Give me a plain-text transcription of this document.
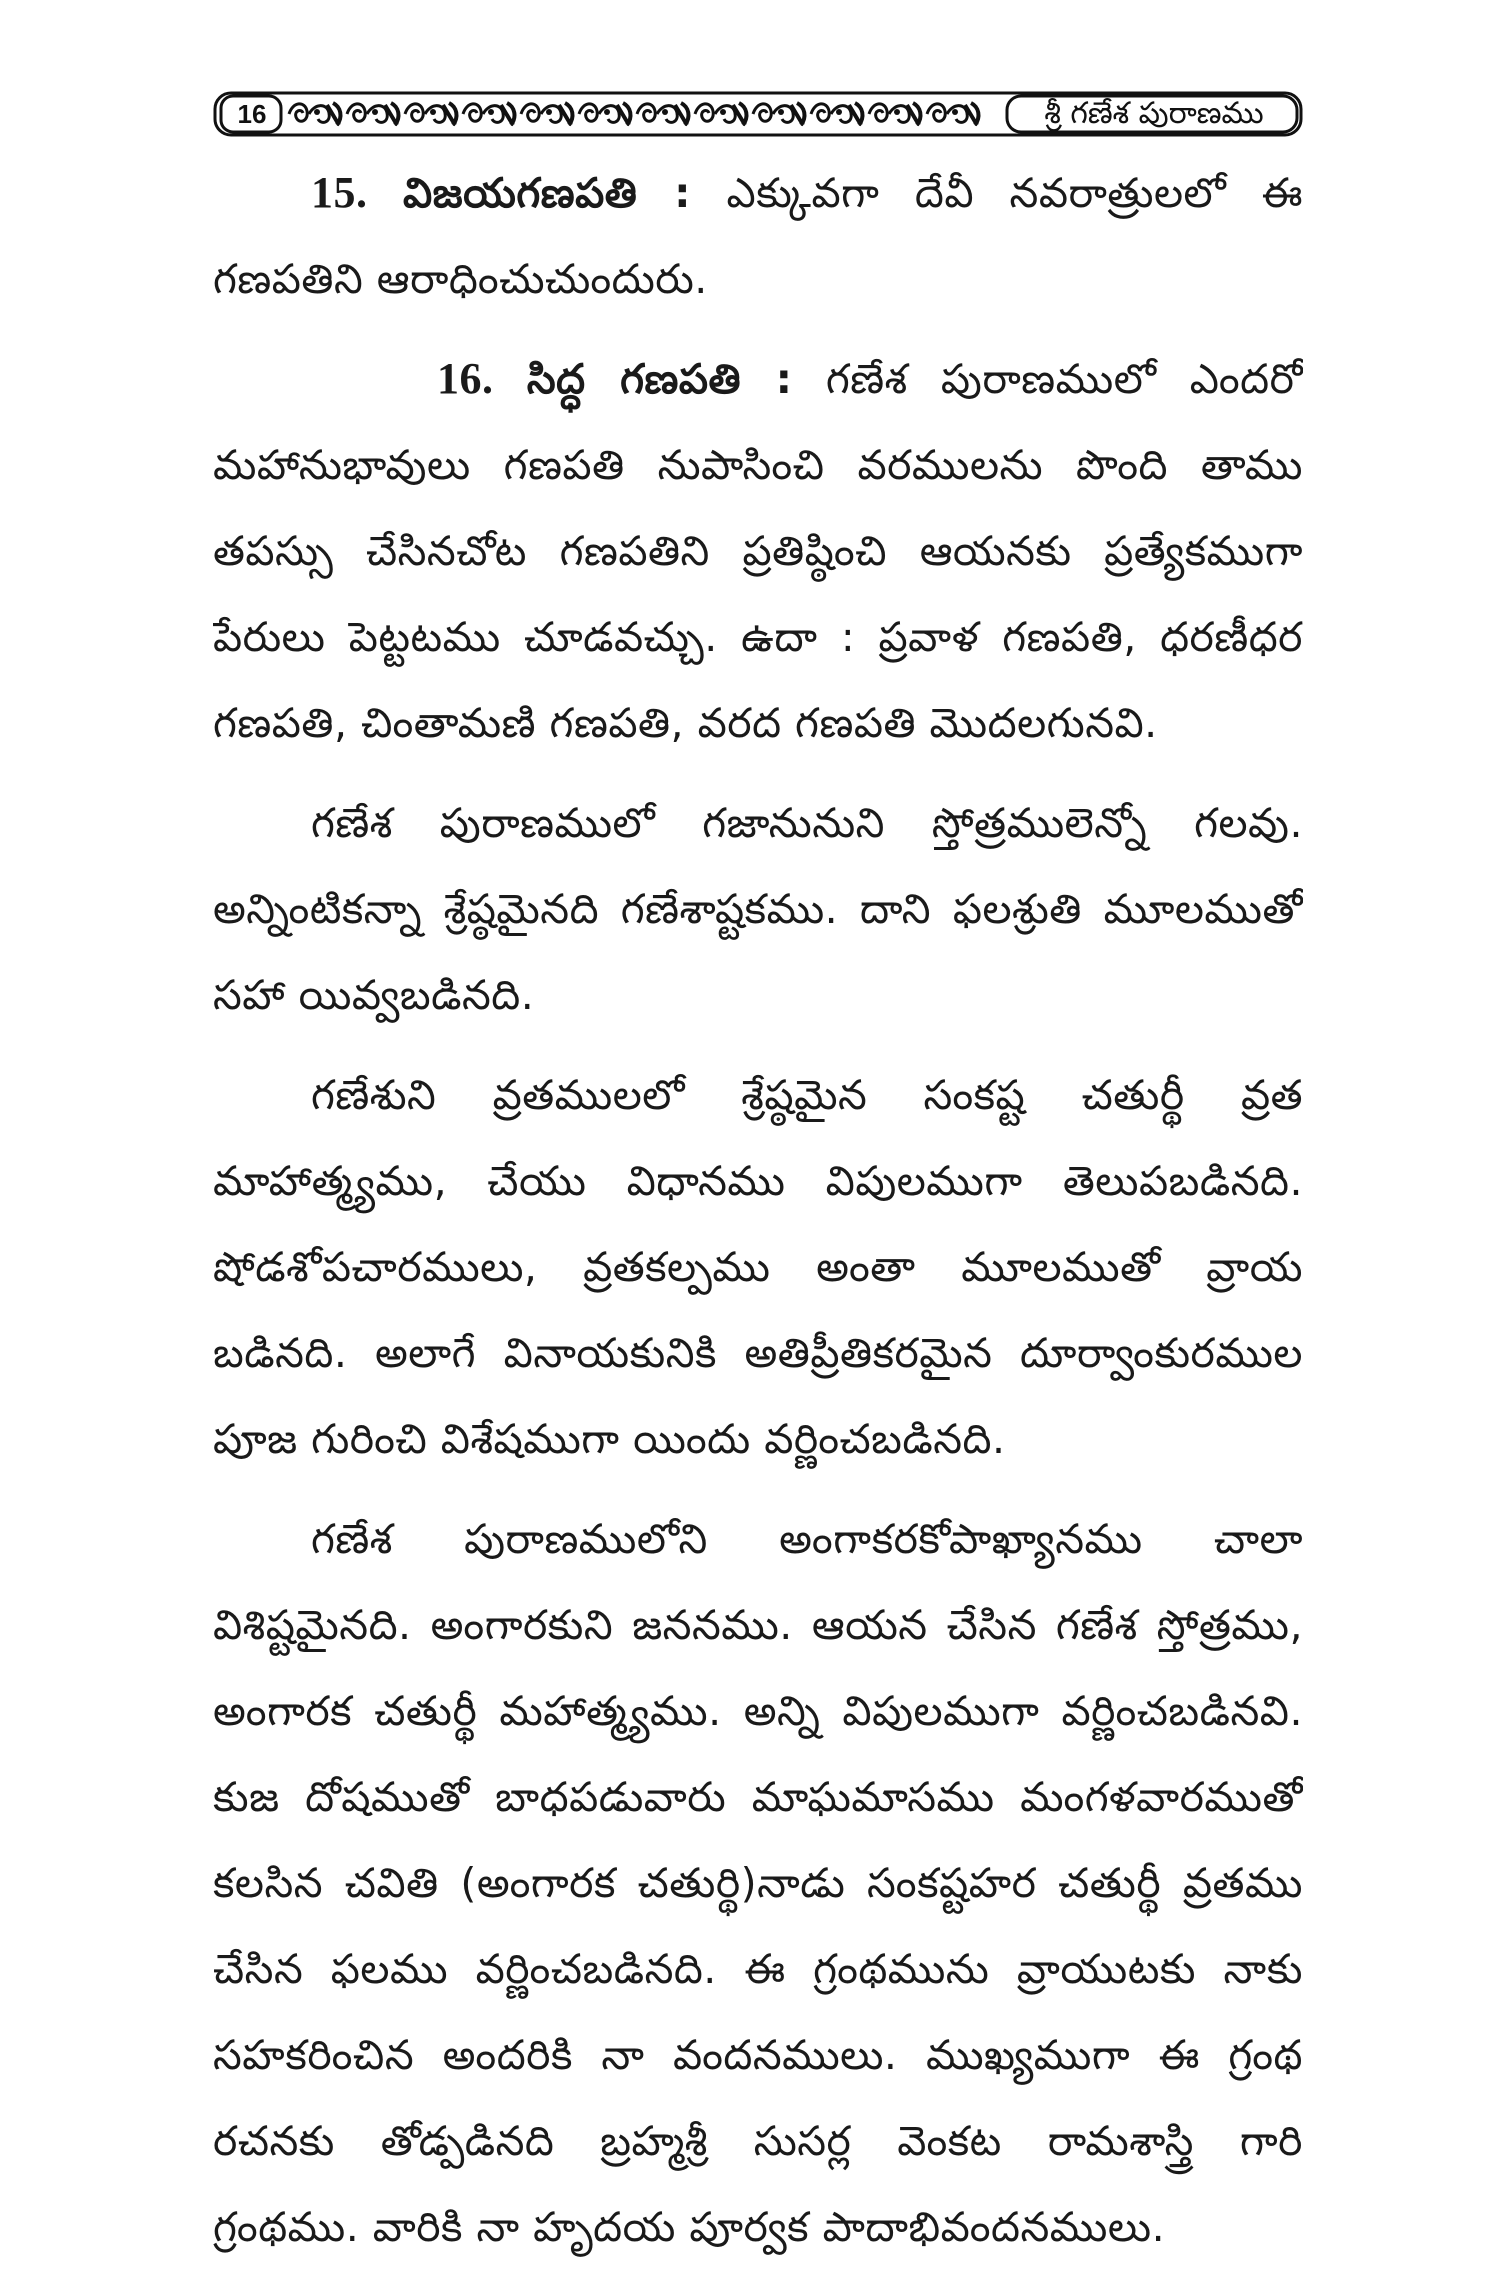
16	శ్రీ గణేశ పురాణము
15. విజయగణపతి : ఎక్కువగా దేవీ నవరాత్రులలో ఈ
గణపతిని ఆరాధించుచుందురు.
16. సిద్ధ గణపతి : గణేశ పురాణములో ఎందరో
మహానుభావులు గణపతి నుపాసించి వరములను పొంది తాము
తపస్సు చేసినచోట గణపతిని ప్రతిష్ఠించి ఆయనకు ప్రత్యేకముగా
పేరులు పెట్టటము చూడవచ్చు. ఉదా : ప్రవాళ గణపతి, ధరణీధర
గణపతి, చింతామణి గణపతి, వరద గణపతి మొదలగునవి.
గణేశ పురాణములో గజానునుని స్తోత్రములెన్నో గలవు.
అన్నింటికన్నా శ్రేష్ఠమైనది గణేశాష్టకము. దాని ఫలశ్రుతి మూలముతో
సహా యివ్వబడినది.
గణేశుని వ్రతములలో శ్రేష్ఠమైన సంకష్ట చతుర్థీ వ్రత
మాహాత్మ్యము, చేయు విధానము విపులముగా తెలుపబడినది.
షోడశోపచారములు, వ్రతకల్పము అంతా మూలముతో వ్రాయ
బడినది. అలాగే వినాయకునికి అతిప్రీతికరమైన దూర్వాంకురముల
పూజ గురించి విశేషముగా యిందు వర్ణించబడినది.
గణేశ పురాణములోని అంగాకరకోపాఖ్యానము చాలా
విశిష్టమైనది. అంగారకుని జననము. ఆయన చేసిన గణేశ స్తోత్రము,
అంగారక చతుర్థీ మహాత్మ్యము. అన్ని విపులముగా వర్ణించబడినవి.
కుజ దోషముతో బాధపడువారు మాఘమాసము మంగళవారముతో
కలసిన చవితి (అంగారక చతుర్థి)నాడు సంకష్టహర చతుర్థీ వ్రతము
చేసిన ఫలము వర్ణించబడినది. ఈ గ్రంథమును వ్రాయుటకు నాకు
సహకరించిన అందరికి నా వందనములు. ముఖ్యముగా ఈ గ్రంథ
రచనకు తోడ్పడినది బ్రహ్మశ్రీ సుసర్ల వెంకట రామశాస్త్రి గారి
గ్రంథము. వారికి నా హృదయ పూర్వక పాదాభివందనములు.
